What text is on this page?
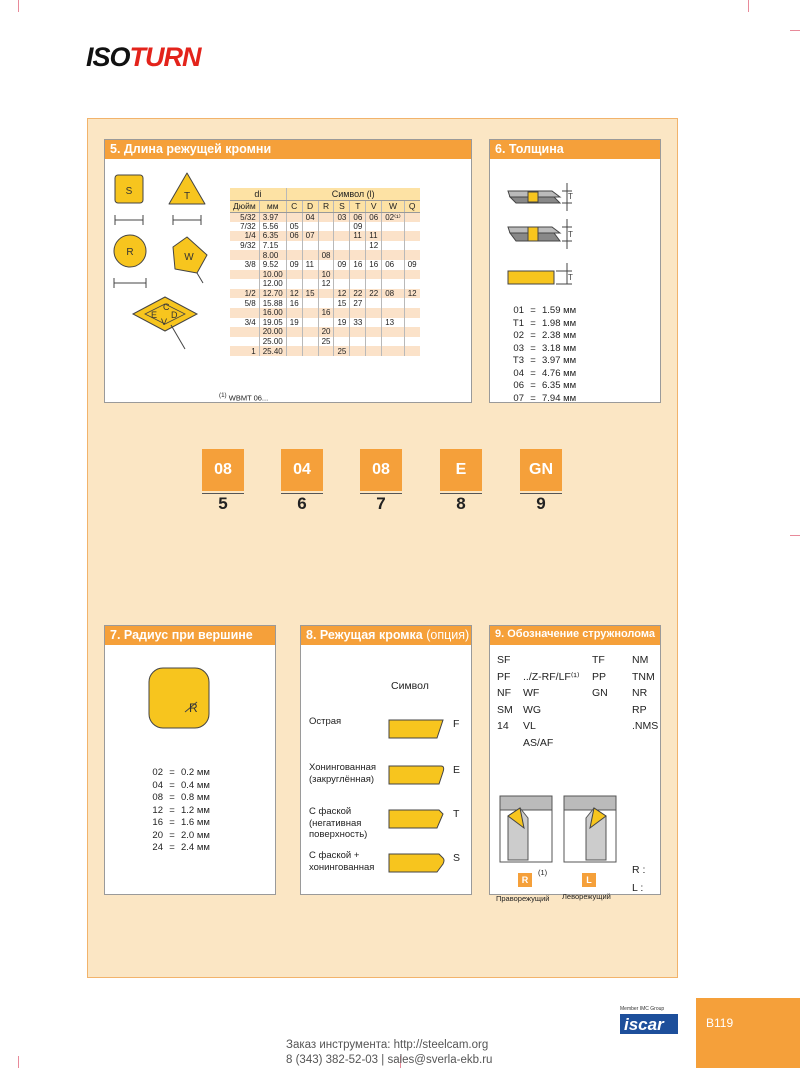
ISOTURN
5. Длина режущей кромни
S	T
R	W
C
D
E
V
di		Символ (l)							
Дюйм	мм	C	D	R	S	T	V	W	Q
5/32	3.97		04		03	06	06	02⁽¹⁾	
7/32	5.56	05				09			
1/4	6.35	06	07			11	11		
9/32	7.15						12		
	8.00			08					
3/8	9.52	09	11		09	16	16	06	09
	10.00			10					
	12.00			12					
1/2	12.70	12	15		12	22	22	08	12
5/8	15.88	16			15	27			
	16.00			16					
3/4	19.05	19			19	33		13	
	20.00			20					
	25.00			25					
1	25.40				25				
$^{(1)}$ WBMT 06...
6. Толщина
T
T
T
01 = 1.59 мм
T1 = 1.98 мм
02 = 2.38 мм
03 = 3.18 мм
T3 = 3.97 мм
04 = 4.76 мм
06 = 6.35 мм
07 = 7.94 мм
08
5
04
6
08
7
E
8
GN
9
7. Радиус при вершине
R
02 = 0.2 мм
04 = 0.4 мм
08 = 0.8 мм
12 = 1.2 мм
16 = 1.6 мм
20 = 2.0 мм
24 = 2.4 мм
8. Режущая кромка (опция)
Символ
Острая	F
Хонингованная
(закруглённая)
E
С фаской
(негативная
поверхность)
T
С фаской +
хонингованная
S
9. Обозначение стружнолома
SF
PF
NF
SM
14
../Z-RF/LF⁽¹⁾
WF
WG
VL
AS/AF
TF
PP
GN
NM
TNM
NR
RP
.NMS
R
(1)
L
Праворежущий Леворежущий
R :
L :
Member IMC Group
iscar	B119
Заказ инструмента: http://steelcam.org
8 (343) 382-52-03 | sales@sverla-ekb.ru
